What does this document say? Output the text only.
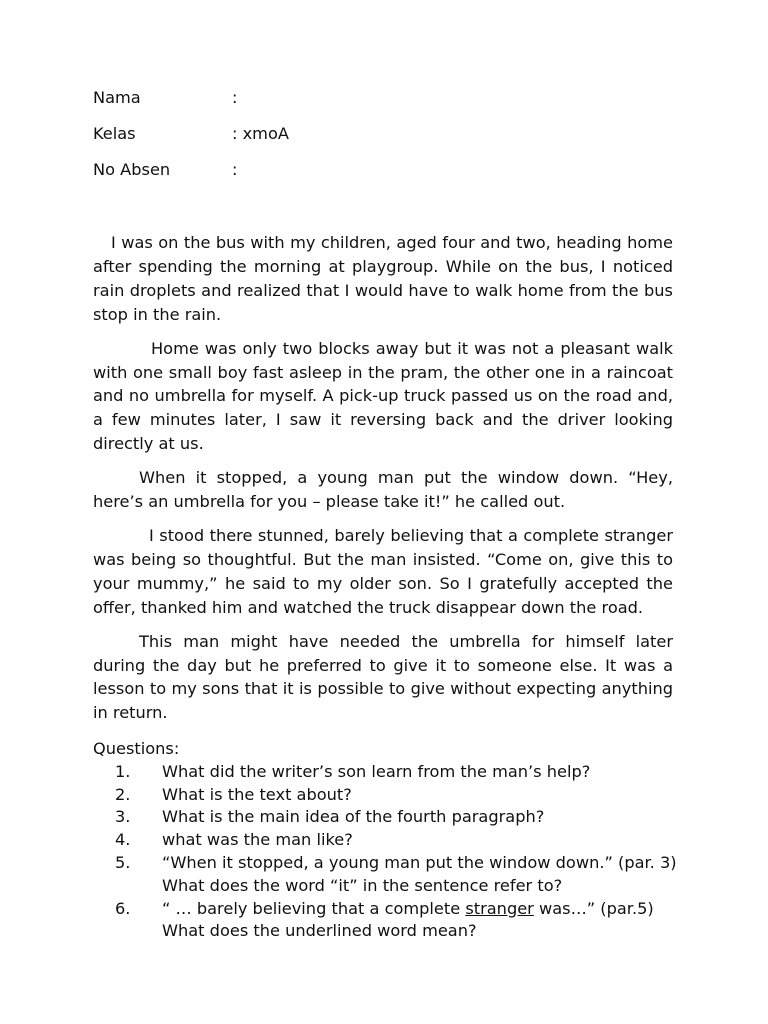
Nama	:
Kelas	: xmoA
No Absen	:

I was on the bus with my children, aged four and two, heading home after spending the morning at playgroup. While on the bus, I noticed rain droplets and realized that I would have to walk home from the bus stop in the rain.

Home was only two blocks away but it was not a pleasant walk with one small boy fast asleep in the pram, the other one in a raincoat and no umbrella for myself. A pick-up truck passed us on the road and, a few minutes later, I saw it reversing back and the driver looking directly at us.

When it stopped, a young man put the window down. “Hey, here’s an umbrella for you – please take it!” he called out.

I stood there stunned, barely believing that a complete stranger was being so thoughtful. But the man insisted. “Come on, give this to your mummy,” he said to my older son. So I gratefully accepted the offer, thanked him and watched the truck disappear down the road.

This man might have needed the umbrella for himself later during the day but he preferred to give it to someone else. It was a lesson to my sons that it is possible to give without expecting anything in return.

Questions:

1. What did the writer’s son learn from the man’s help?
2. What is the text about?
3. What is the main idea of the fourth paragraph?
4. what was the man like?
5. “When it stopped, a young man put the window down.” (par. 3)
What does the word “it” in the sentence refer to?
6. “ … barely believing that a complete stranger was…” (par.5)
What does the underlined word mean?
